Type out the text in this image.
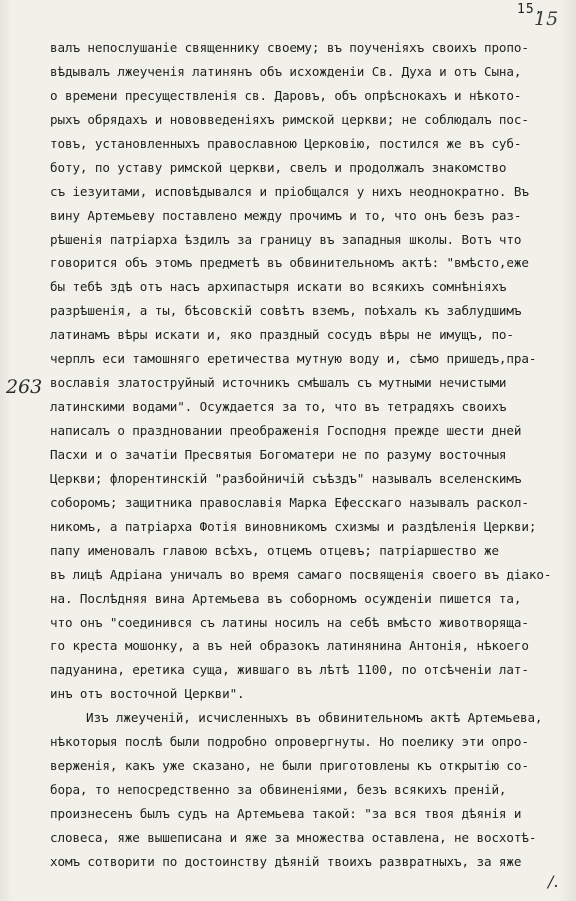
15.
15
263
валъ непослушаніе священнику своему; въ поученіяхъ своихъ пропо-
вѣдывалъ лжеученія латинянъ объ исхожденіи Св. Духа и отъ Сына,
о времени пресуществленія св. Даровъ, объ опрѣснокахъ и нѣкото-
рыхъ обрядахъ и нововведеніяхъ римской церкви; не соблюдалъ пос-
товъ, установленныхъ православною Церковію, постился же въ суб-
боту, по уставу римской церкви, свелъ и продолжалъ знакомство
съ іезуитами, исповѣдывался и пріобщался у нихъ неоднократно. Въ
вину Артемьеву поставлено между прочимъ и то, что онъ безъ раз-
рѣшенія патріарха ѣздилъ за границу въ западныя школы. Вотъ что
говорится объ этомъ предметѣ въ обвинительномъ актѣ: "вмѣсто,еже
бы тебѣ здѣ отъ насъ архипастыря искати во всякихъ сомнѣніяхъ
разрѣшенія, а ты, бѣсовскій совѣтъ вземъ, поѣхалъ къ заблудшимъ
латинамъ вѣры искати и, яко праздный сосудъ вѣры не имущъ, по-
черплъ еси тамошняго еретичества мутную воду и, сѣмо пришедъ,пра-
вославія златоструйный источникъ смѣшалъ съ мутными нечистыми
латинскими водами". Осуждается за то, что въ тетрадяхъ своихъ
написалъ о праздновании преображенія Господня прежде шести дней
Пасхи и о зачатіи Пресвятыя Богоматери не по разуму восточныя
Церкви; флорентинскій "разбойничій съѣздъ" называлъ вселенскимъ
соборомъ; защитника православія Марка Ефесскаго называлъ раскол-
никомъ, а патріарха Фотія виновникомъ схизмы и раздѣленія Церкви;
папу именовалъ главою всѣхъ, отцемъ отцевъ; патріаршество же
въ лицѣ Адріана уничалъ во время самаго посвященія своего въ діако-
на. Послѣдняя вина Артемьева въ соборномъ осужденіи пишется та,
что онъ "соединився съ латины носилъ на себѣ вмѣсто животворяща-
го креста мошонку, а въ ней образокъ латинянина Антонія, нѣкоего
падуанина, еретика суща, жившаго въ лѣтѣ 1100, по отсѣченіи лат-
инъ отъ восточной Церкви".
Изъ лжеученій, исчисленныхъ въ обвинительномъ актѣ Артемьева,
нѣкоторыя послѣ были подробно опровергнуты. Но поелику эти опро-
верженія, какъ уже сказано, не были приготовлены къ открытію со-
бора, то непосредственно за обвиненіями, безъ всякихъ преній,
произнесенъ былъ судъ на Артемьева такой: "за вся твоя дѣянія и
словеса, яже вышеписана и яже за множества оставлена, не восхотѣ-
хомъ сотворити по достоинству дѣяній твоихъ развратныхъ, за яже
/.
